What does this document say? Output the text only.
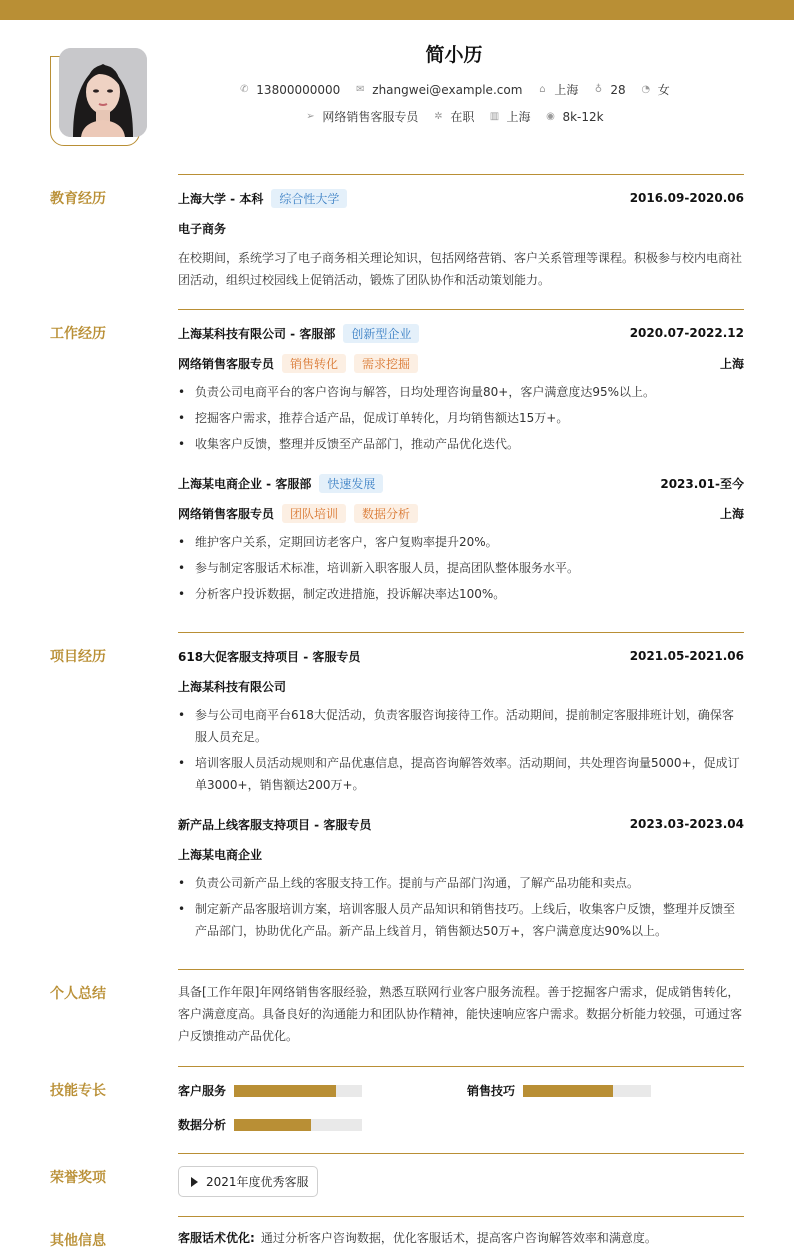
简小历
✆ 13800000000 ✉ zhangwei@example.com ⌂ 上海 ♁ 28 ◔ 女
➢ 网络销售客服专员 ✲ 在职 ▥ 上海 ◉ 8k-12k
教育经历	上海大学 - 本科	综合性大学	2016.09-2020.06
电子商务
在校期间，系统学习了电子商务相关理论知识，包括网络营销、客户关系管理等课程。积极参与校内电商社团活动，组织过校园线上促销活动，锻炼了团队协作和活动策划能力。
工作经历	上海某科技有限公司 - 客服部	创新型企业	2020.07-2022.12
网络销售客服专员	销售转化	需求挖掘	上海
• 负责公司电商平台的客户咨询与解答，日均处理咨询量80+，客户满意度达95%以上。
• 挖掘客户需求，推荐合适产品，促成订单转化，月均销售额达15万+。
• 收集客户反馈，整理并反馈至产品部门，推动产品优化迭代。
上海某电商企业 - 客服部	快速发展	2023.01-至今
网络销售客服专员	团队培训	数据分析	上海
• 维护客户关系，定期回访老客户，客户复购率提升20%。
• 参与制定客服话术标准，培训新入职客服人员，提高团队整体服务水平。
• 分析客户投诉数据，制定改进措施，投诉解决率达100%。
项目经历	618大促客服支持项目 - 客服专员	2021.05-2021.06
上海某科技有限公司
• 参与公司电商平台618大促活动，负责客服咨询接待工作。活动期间，提前制定客服排班计划，确保客服人员充足。
• 培训客服人员活动规则和产品优惠信息，提高咨询解答效率。活动期间，共处理咨询量5000+，促成订单3000+，销售额达200万+。
新产品上线客服支持项目 - 客服专员	2023.03-2023.04
上海某电商企业
• 负责公司新产品上线的客服支持工作。提前与产品部门沟通，了解产品功能和卖点。
• 制定新产品客服培训方案，培训客服人员产品知识和销售技巧。上线后，收集客户反馈，整理并反馈至产品部门，协助优化产品。新产品上线首月，销售额达50万+，客户满意度达90%以上。
个人总结	具备[工作年限]年网络销售客服经验，熟悉互联网行业客户服务流程。善于挖掘客户需求，促成销售转化，客户满意度高。具备良好的沟通能力和团队协作精神，能快速响应客户需求。数据分析能力较强，可通过客户反馈推动产品优化。
技能专长	客户服务	销售技巧
数据分析
荣誉奖项	2021年度优秀客服
其他信息	客服话术优化: 通过分析客户咨询数据，优化客服话术，提高客户咨询解答效率和满意度。
